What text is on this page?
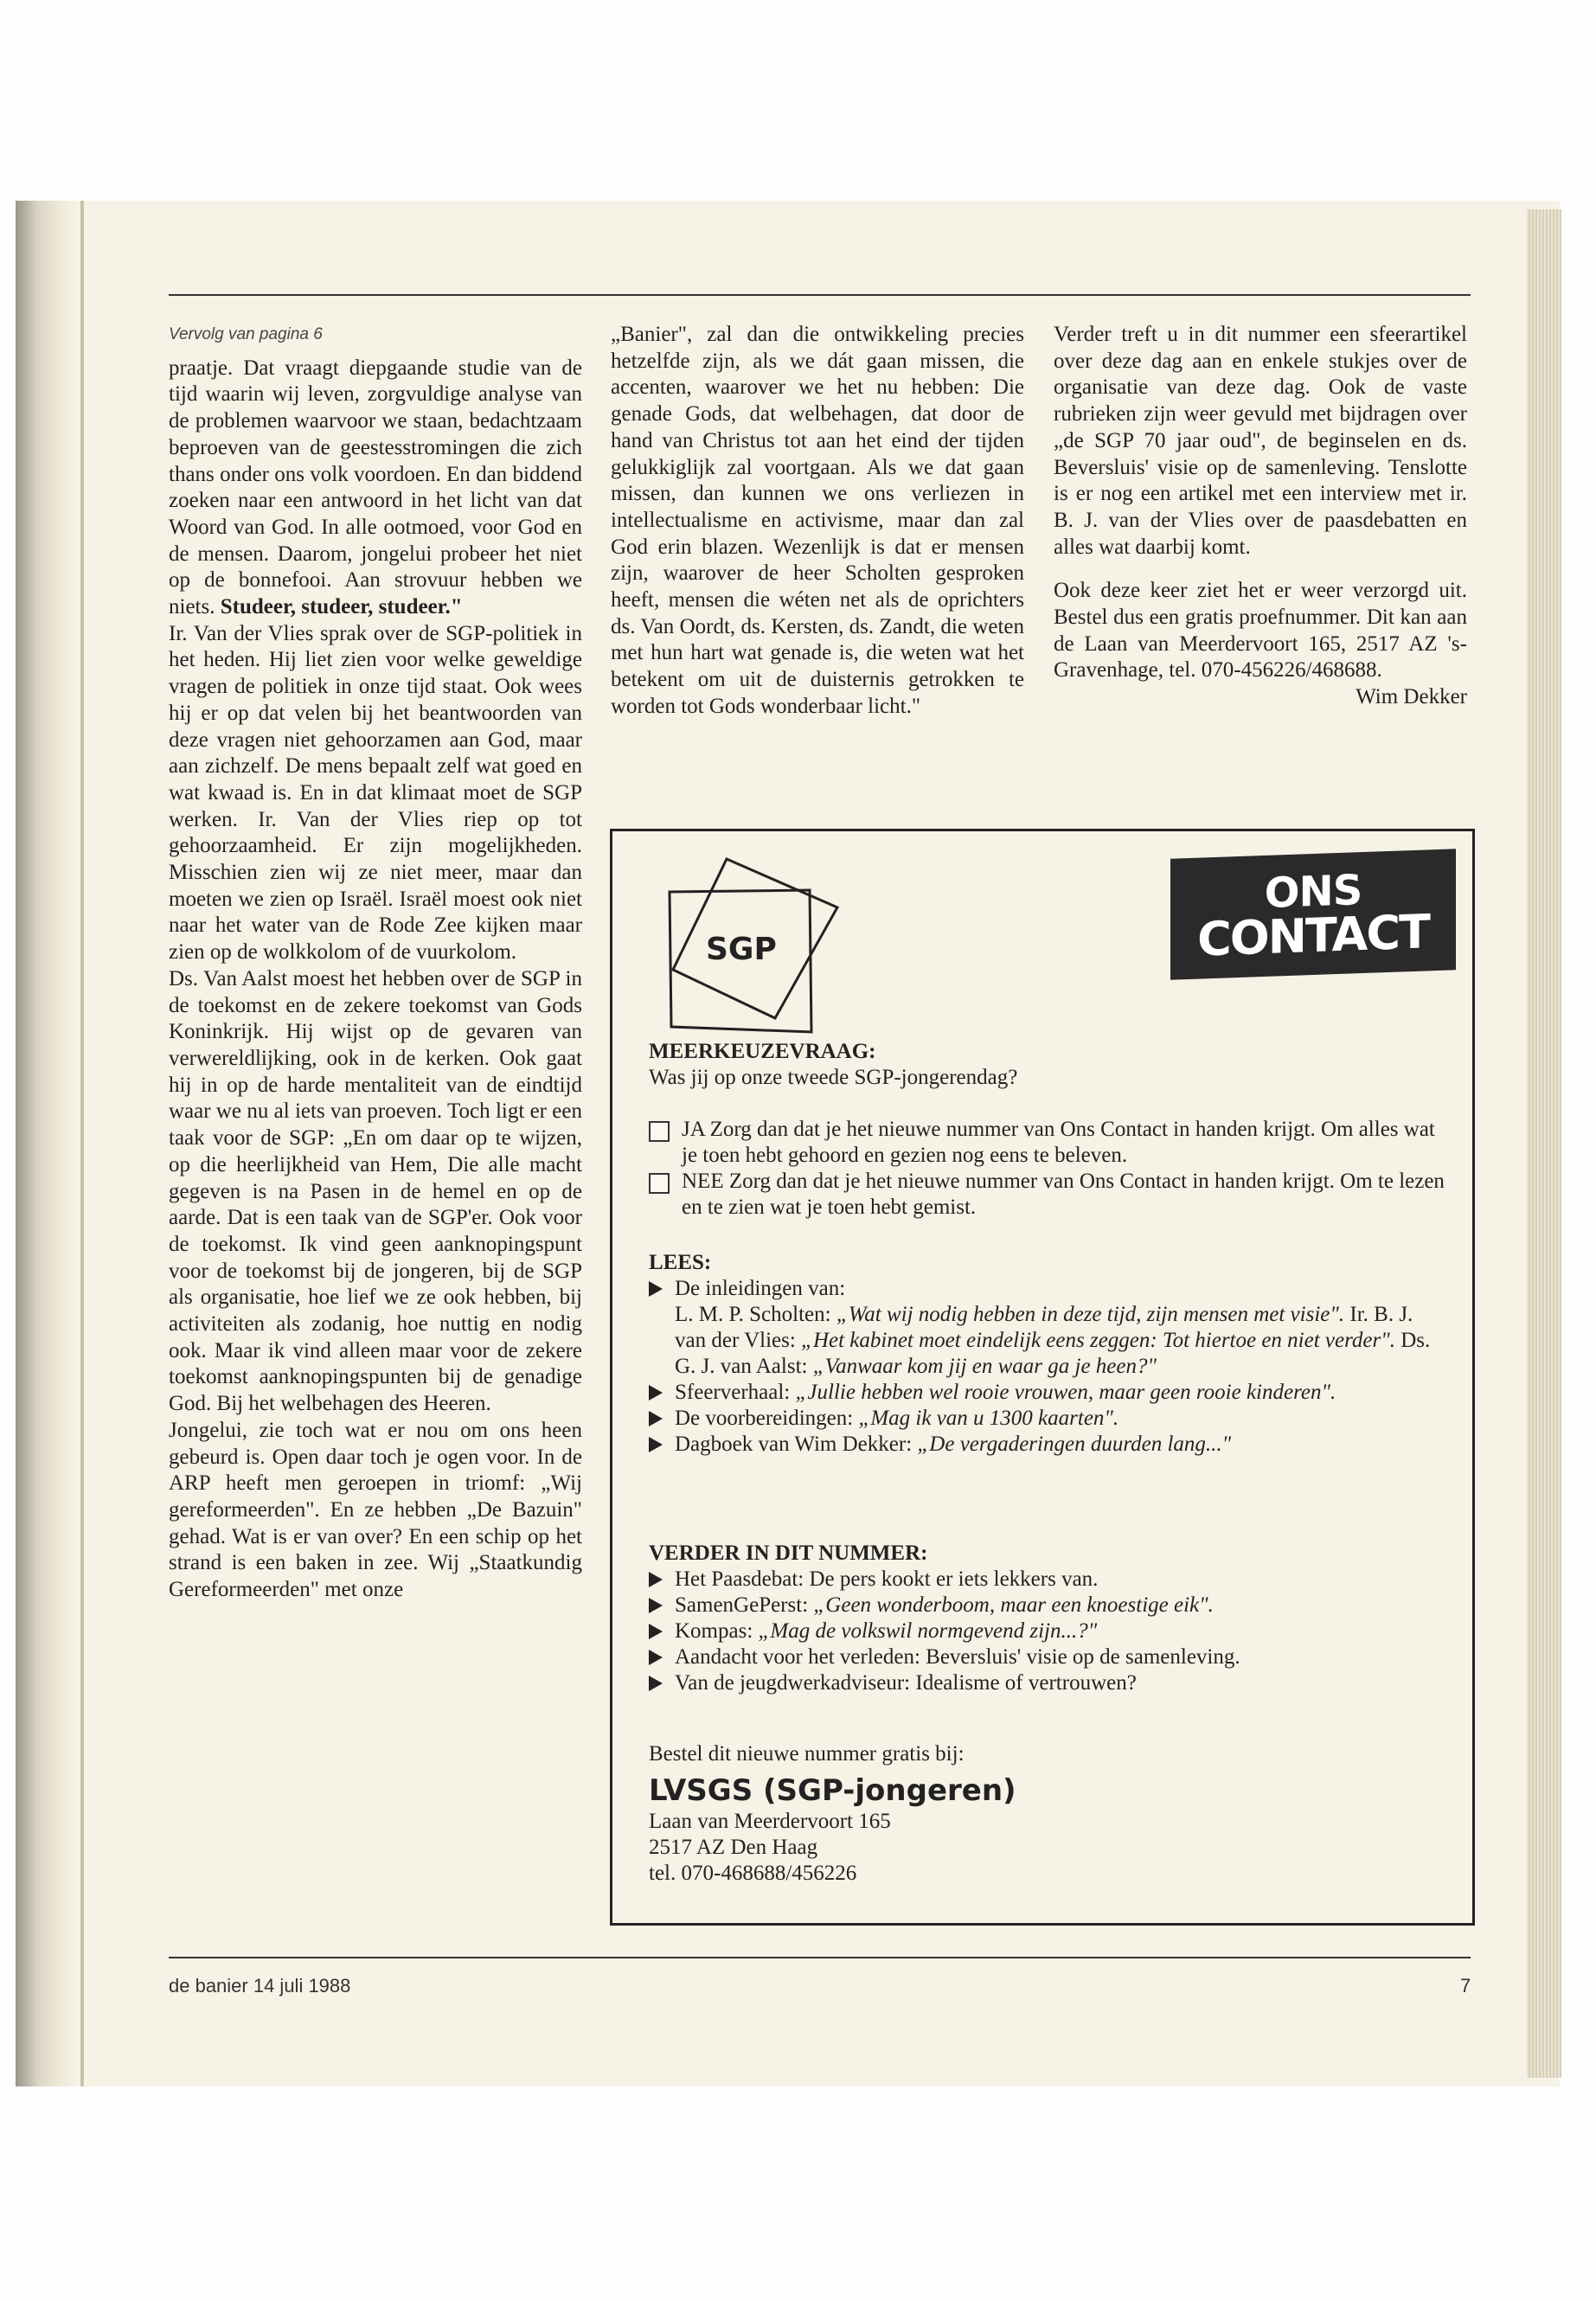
Vervolg van pagina 6

praatje. Dat vraagt diepgaande studie van de tijd waarin wij leven, zorgvuldige analyse van de problemen waarvoor we staan, bedachtzaam beproeven van de geestesstromingen die zich thans onder ons volk voordoen. En dan biddend zoeken naar een antwoord in het licht van dat Woord van God. In alle ootmoed, voor God en de mensen. Daarom, jongelui probeer het niet op de bonnefooi. Aan strovuur hebben we niets. Studeer, studeer, studeer."

Ir. Van der Vlies sprak over de SGP-politiek in het heden. Hij liet zien voor welke geweldige vragen de politiek in onze tijd staat. Ook wees hij er op dat velen bij het beantwoorden van deze vragen niet gehoorzamen aan God, maar aan zichzelf. De mens bepaalt zelf wat goed en wat kwaad is. En in dat klimaat moet de SGP werken. Ir. Van der Vlies riep op tot gehoorzaamheid. Er zijn mogelijkheden. Misschien zien wij ze niet meer, maar dan moeten we zien op Israël. Israël moest ook niet naar het water van de Rode Zee kijken maar zien op de wolkkolom of de vuurkolom.

Ds. Van Aalst moest het hebben over de SGP in de toekomst en de zekere toekomst van Gods Koninkrijk. Hij wijst op de gevaren van verwereldlijking, ook in de kerken. Ook gaat hij in op de harde mentaliteit van de eindtijd waar we nu al iets van proeven. Toch ligt er een taak voor de SGP: „En om daar op te wijzen, op die heerlijkheid van Hem, Die alle macht gegeven is na Pasen in de hemel en op de aarde. Dat is een taak van de SGP'er. Ook voor de toekomst. Ik vind geen aanknopingspunt voor de toekomst bij de jongeren, bij de SGP als organisatie, hoe lief we ze ook hebben, bij activiteiten als zodanig, hoe nuttig en nodig ook. Maar ik vind alleen maar voor de zekere toekomst aanknopingspunten bij de genadige God. Bij het welbehagen des Heeren.

Jongelui, zie toch wat er nou om ons heen gebeurd is. Open daar toch je ogen voor. In de ARP heeft men geroepen in triomf: „Wij gereformeerden". En ze hebben „De Bazuin" gehad. Wat is er van over? En een schip op het strand is een baken in zee. Wij „Staatkundig Gereformeerden" met onze

„Banier", zal dan die ontwikkeling precies hetzelfde zijn, als we dát gaan missen, die accenten, waarover we het nu hebben: Die genade Gods, dat welbehagen, dat door de hand van Christus tot aan het eind der tijden gelukkiglijk zal voortgaan. Als we dat gaan missen, dan kunnen we ons verliezen in intellectualisme en activisme, maar dan zal God erin blazen. Wezenlijk is dat er mensen zijn, waarover de heer Scholten gesproken heeft, mensen die wéten net als de oprichters ds. Van Oordt, ds. Kersten, ds. Zandt, die weten met hun hart wat genade is, die weten wat het betekent om uit de duisternis getrokken te worden tot Gods wonderbaar licht."

Verder treft u in dit nummer een sfeerartikel over deze dag aan en enkele stukjes over de organisatie van deze dag. Ook de vaste rubrieken zijn weer gevuld met bijdragen over „de SGP 70 jaar oud", de beginselen en ds. Beversluis' visie op de samenleving. Tenslotte is er nog een artikel met een interview met ir. B. J. van der Vlies over de paasdebatten en alles wat daarbij komt.

Ook deze keer ziet het er weer verzorgd uit. Bestel dus een gratis proefnummer. Dit kan aan de Laan van Meerdervoort 165, 2517 AZ 's-Gravenhage, tel. 070-456226/468688.

Wim Dekker

SGP
ONS
CONTACT
MEERKEUZEVRAAG:
Was jij op onze tweede SGP-jongerendag?
JA Zorg dan dat je het nieuwe nummer van Ons Contact in handen krijgt. Om alles wat je toen hebt gehoord en gezien nog eens te beleven.
NEE Zorg dan dat je het nieuwe nummer van Ons Contact in handen krijgt. Om te lezen en te zien wat je toen hebt gemist.
LEES:
De inleidingen van:
L. M. P. Scholten: „Wat wij nodig hebben in deze tijd, zijn mensen met visie". Ir. B. J. van der Vlies: „Het kabinet moet eindelijk eens zeggen: Tot hiertoe en niet verder". Ds. G. J. van Aalst: „Vanwaar kom jij en waar ga je heen?"
Sfeerverhaal: „Jullie hebben wel rooie vrouwen, maar geen rooie kinderen".
De voorbereidingen: „Mag ik van u 1300 kaarten".
Dagboek van Wim Dekker: „De vergaderingen duurden lang..."
VERDER IN DIT NUMMER:
Het Paasdebat: De pers kookt er iets lekkers van.
SamenGePerst: „Geen wonderboom, maar een knoestige eik".
Kompas: „Mag de volkswil normgevend zijn...?"
Aandacht voor het verleden: Beversluis' visie op de samenleving.
Van de jeugdwerkadviseur: Idealisme of vertrouwen?
Bestel dit nieuwe nummer gratis bij:
LVSGS (SGP-jongeren)
Laan van Meerdervoort 165
2517 AZ Den Haag
tel. 070-468688/456226
de banier 14 juli 1988	7
